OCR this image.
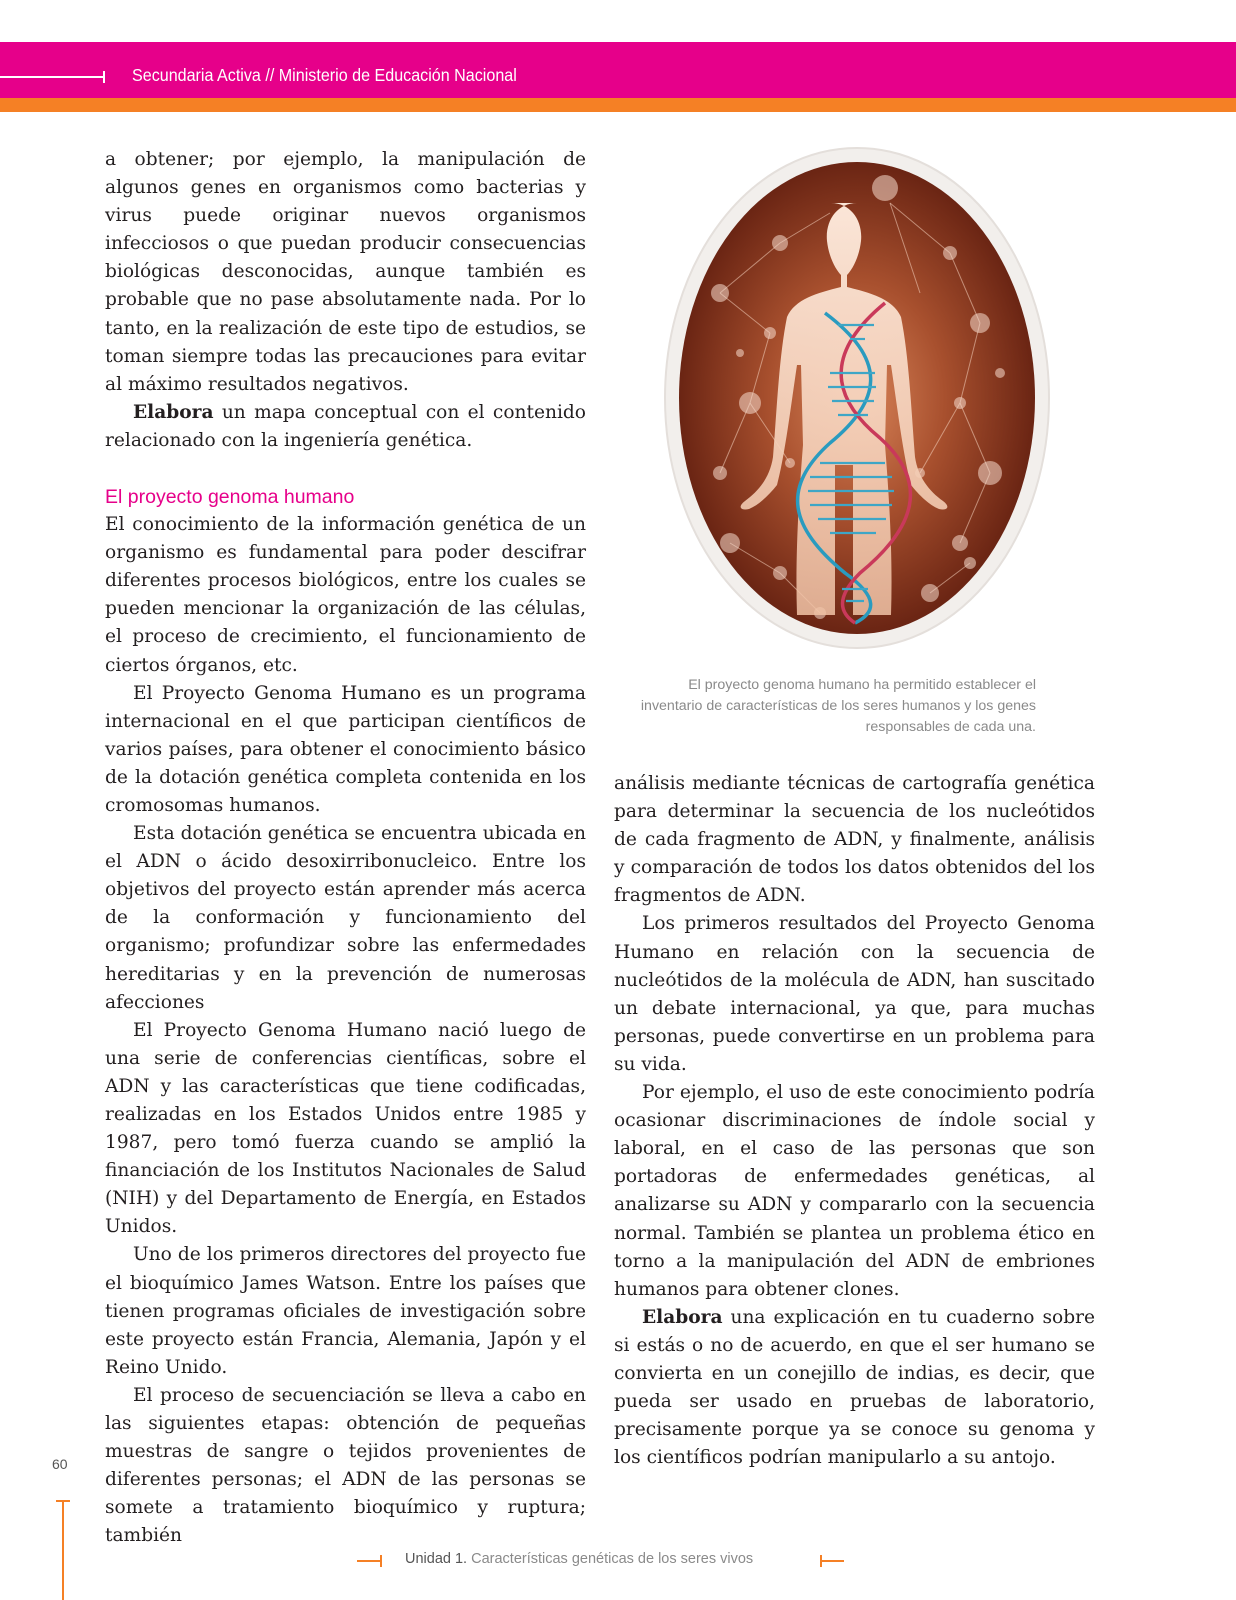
Secundaria Activa // Ministerio de Educación Nacional

a obtener; por ejemplo, la manipulación de algunos genes en organismos como bacterias y virus puede originar nuevos organismos infecciosos o que puedan producir consecuencias biológicas desconocidas, aunque también es probable que no pase absolutamente nada. Por lo tanto, en la realización de este tipo de estudios, se toman siempre todas las precauciones para evitar al máximo resultados negativos.

Elabora un mapa conceptual con el contenido relacionado con la ingeniería genética.

El proyecto genoma humano

El conocimiento de la información genética de un organismo es fundamental para poder descifrar diferentes procesos biológicos, entre los cuales se pueden mencionar la organización de las células, el proceso de crecimiento, el funcionamiento de ciertos órganos, etc.

El Proyecto Genoma Humano es un programa internacional en el que participan científicos de varios países, para obtener el conocimiento básico de la dotación genética completa contenida en los cromosomas humanos.

Esta dotación genética se encuentra ubicada en el ADN o ácido desoxirribonucleico. Entre los objetivos del proyecto están aprender más acerca de la conformación y funcionamiento del organismo; profundizar sobre las enfermedades hereditarias y en la prevención de numerosas afecciones

El Proyecto Genoma Humano nació luego de una serie de conferencias científicas, sobre el ADN y las características que tiene codificadas, realizadas en los Estados Unidos entre 1985 y 1987, pero tomó fuerza cuando se amplió la financiación de los Institutos Nacionales de Salud (NIH) y del Departamento de Energía, en Estados Unidos.

Uno de los primeros directores del proyecto fue el bioquímico James Watson. Entre los países que tienen programas oficiales de investigación sobre este proyecto están Francia, Alemania, Japón y el Reino Unido.

El proceso de secuenciación se lleva a cabo en las siguientes etapas: obtención de pequeñas muestras de sangre o tejidos provenientes de diferentes personas; el ADN de las personas se somete a tratamiento bioquímico y ruptura; también

El proyecto genoma humano ha permitido establecer el inventario de características de los seres humanos y los genes responsables de cada una.

análisis mediante técnicas de cartografía genética para determinar la secuencia de los nucleótidos de cada fragmento de ADN, y finalmente, análisis y comparación de todos los datos obtenidos del los fragmentos de ADN.

Los primeros resultados del Proyecto Genoma Humano en relación con la secuencia de nucleótidos de la molécula de ADN, han suscitado un debate internacional, ya que, para muchas personas, puede convertirse en un problema para su vida.

Por ejemplo, el uso de este conocimiento podría ocasionar discriminaciones de índole social y laboral, en el caso de las personas que son portadoras de enfermedades genéticas, al analizarse su ADN y compararlo con la secuencia normal. También se plantea un problema ético en torno a la manipulación del ADN de embriones humanos para obtener clones.

Elabora una explicación en tu cuaderno sobre si estás o no de acuerdo, en que el ser humano se convierta en un conejillo de indias, es decir, que pueda ser usado en pruebas de laboratorio, precisamente porque ya se conoce su genoma y los científicos podrían manipularlo a su antojo.

60
Unidad 1. Características genéticas de los seres vivos
